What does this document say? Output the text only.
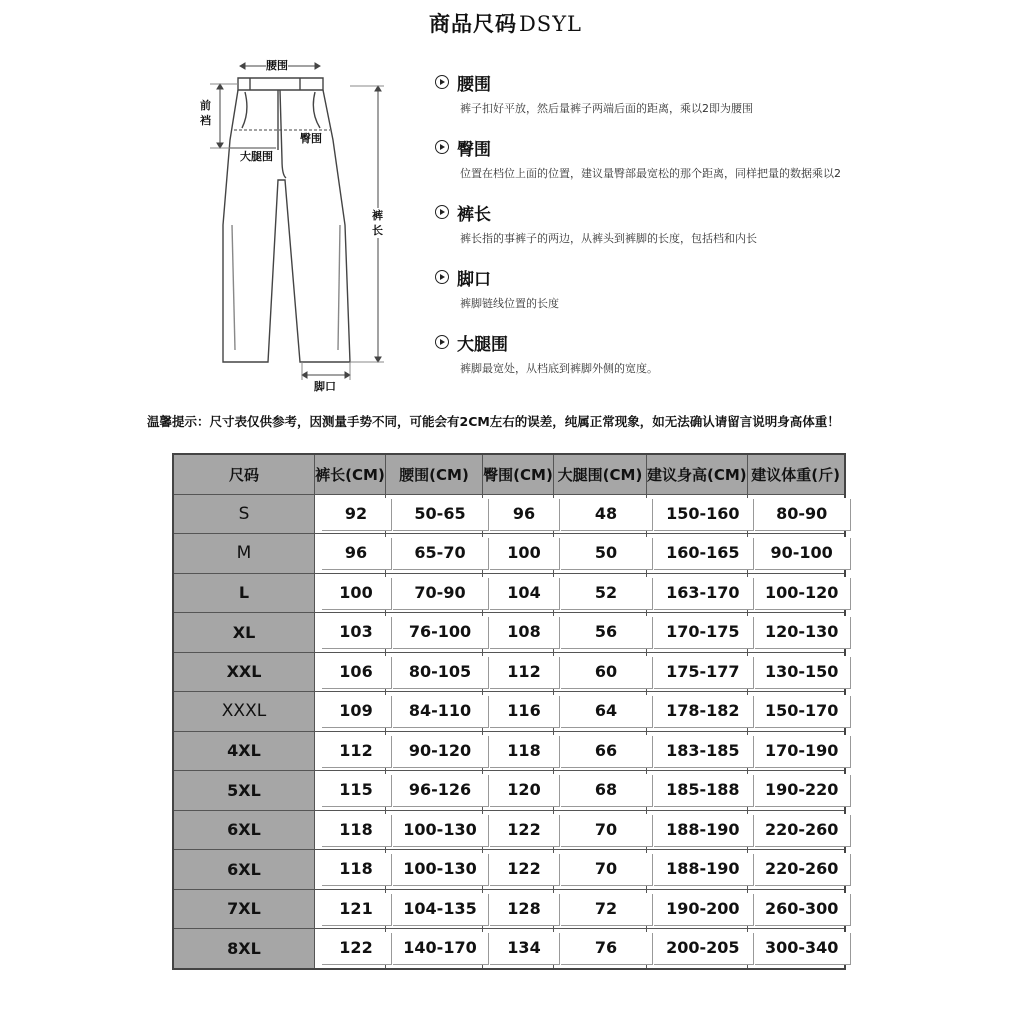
商品尺码DSYL
腰围
前裆
臀围
大腿围
裤长
脚口
腰围
裤子扣好平放，然后量裤子两端后面的距离，乘以2即为腰围
臀围
位置在档位上面的位置，建议量臀部最宽松的那个距离，同样把量的数据乘以2
裤长
裤长指的事裤子的两边，从裤头到裤脚的长度，包括档和内长
脚口
裤脚链线位置的长度
大腿围
裤脚最宽处，从档底到裤脚外侧的宽度。
温馨提示：尺寸表仅供参考，因测量手势不同，可能会有2CM左右的误差，纯属正常现象，如无法确认请留言说明身高体重！
尺码	裤长(CM)	腰围(CM)	臀围(CM)	大腿围(CM)	建议身高(CM)	建议体重(斤)
S	92	50-65	96	48	150-160	80-90
M	96	65-70	100	50	160-165	90-100
L	100	70-90	104	52	163-170	100-120
XL	103	76-100	108	56	170-175	120-130
XXL	106	80-105	112	60	175-177	130-150
XXXL	109	84-110	116	64	178-182	150-170
4XL	112	90-120	118	66	183-185	170-190
5XL	115	96-126	120	68	185-188	190-220
6XL	118	100-130	122	70	188-190	220-260
6XL	118	100-130	122	70	188-190	220-260
7XL	121	104-135	128	72	190-200	260-300
8XL	122	140-170	134	76	200-205	300-340
